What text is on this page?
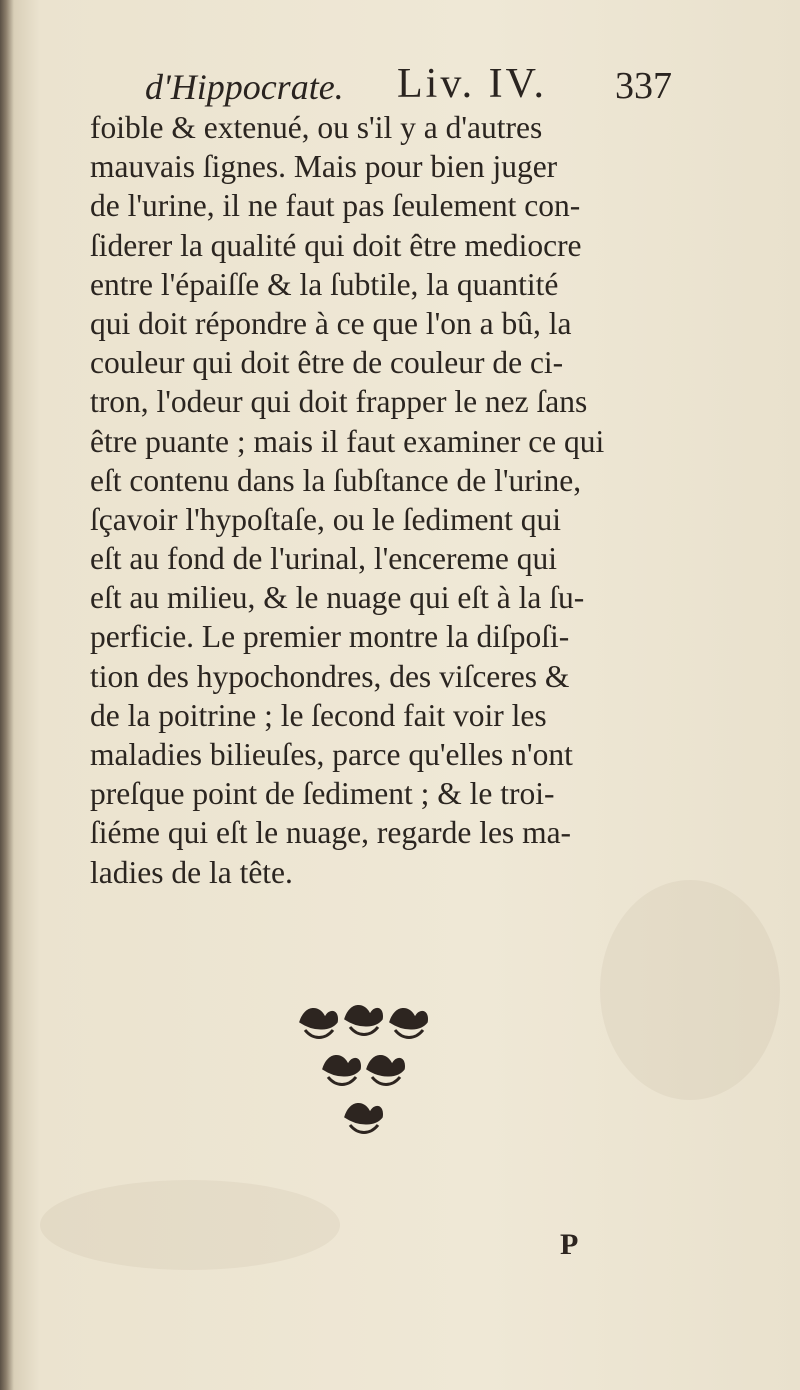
d'Hippocrate. Liv. IV. 337
foible & extenué, ou s'il y a d'autres
mauvais ſignes. Mais pour bien juger
de l'urine, il ne faut pas ſeulement con-
ſiderer la qualité qui doit être mediocre
entre l'épaiſſe & la ſubtile, la quantité
qui doit répondre à ce que l'on a bû, la
couleur qui doit être de couleur de ci-
tron, l'odeur qui doit frapper le nez ſans
être puante ; mais il faut examiner ce qui
eſt contenu dans la ſubſtance de l'urine,
ſçavoir l'hypoſtaſe, ou le ſediment qui
eſt au fond de l'urinal, l'encereme qui
eſt au milieu, & le nuage qui eſt à la ſu-
perficie. Le premier montre la diſpoſi-
tion des hypochondres, des viſceres &
de la poitrine ; le ſecond fait voir les
maladies bilieuſes, parce qu'elles n'ont
preſque point de ſediment ; & le troi-
ſiéme qui eſt le nuage, regarde les ma-
ladies de la tête.
P
